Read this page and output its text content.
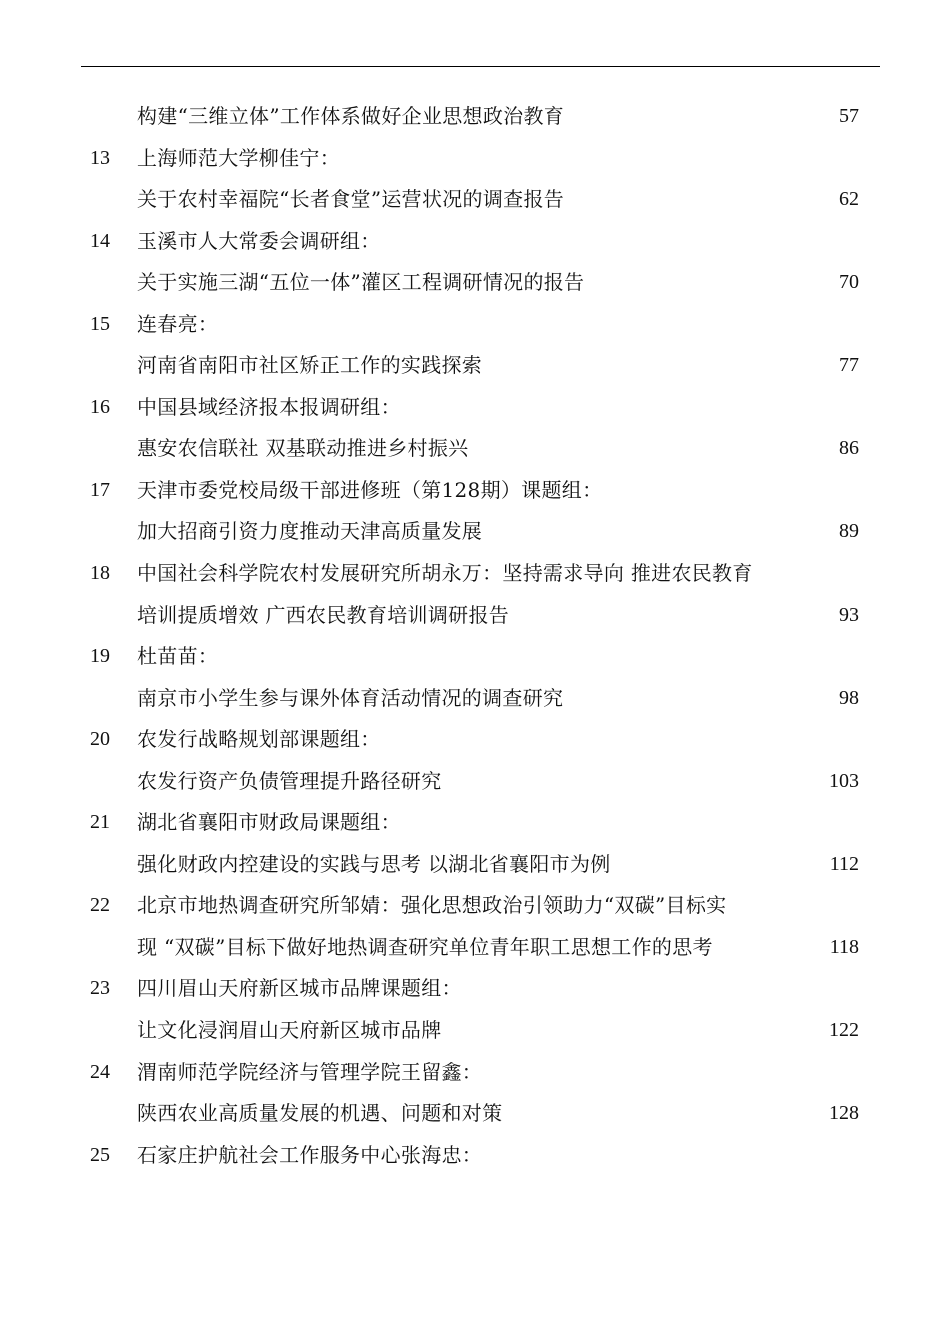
构建“三维立体”工作体系做好企业思想政治教育	57
13	上海师范大学柳佳宁：
关于农村幸福院“长者食堂”运营状况的调查报告	62
14	玉溪市人大常委会调研组：
关于实施三湖“五位一体”灌区工程调研情况的报告	70
15	连春亮：
河南省南阳市社区矫正工作的实践探索	77
16	中国县域经济报本报调研组：
惠安农信联社 双基联动推进乡村振兴	86
17	天津市委党校局级干部进修班（第128期）课题组：
加大招商引资力度推动天津高质量发展	89
18	中国社会科学院农村发展研究所胡永万：坚持需求导向 推进农民教育
培训提质增效 广西农民教育培训调研报告	93
19	杜苗苗：
南京市小学生参与课外体育活动情况的调查研究	98
20	农发行战略规划部课题组：
农发行资产负债管理提升路径研究	103
21	湖北省襄阳市财政局课题组：
强化财政内控建设的实践与思考 以湖北省襄阳市为例	112
22	北京市地热调查研究所邹婧：强化思想政治引领助力“双碳”目标实
现 “双碳”目标下做好地热调查研究单位青年职工思想工作的思考	118
23	四川眉山天府新区城市品牌课题组：
让文化浸润眉山天府新区城市品牌	122
24	渭南师范学院经济与管理学院王留鑫：
陕西农业高质量发展的机遇、问题和对策	128
25	石家庄护航社会工作服务中心张海忠：
